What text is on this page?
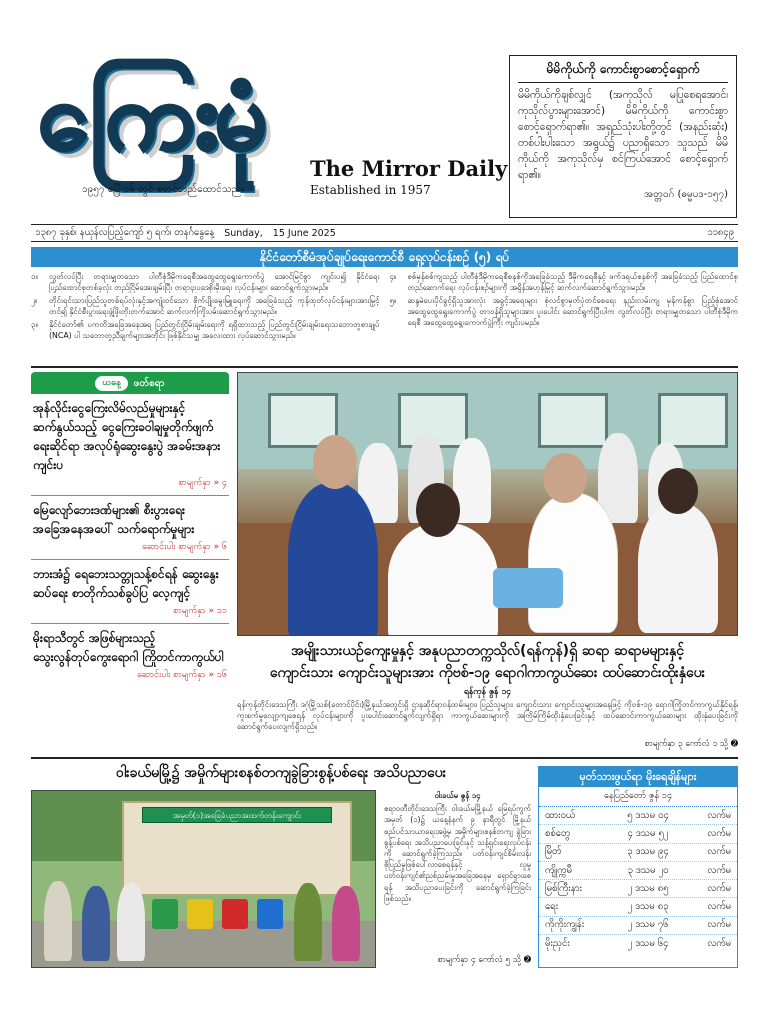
ကြေးမုံ	The Mirror Daily
၁၉၅၇ ဧပြီ ၁၆ တွင် စတင်တည်ထောင်သည်။	Established in 1957
မိမိကိုယ်ကို ကောင်းစွာစောင့်ရှောက်
မိမိကိုယ်ကိုချစ်လျှင် (အကုသိုလ် မပြုစေရအောင်၊ ကုသိုလ်ပွားများအောင်) မိမိကိုယ်ကို ကောင်းစွာ စောင့်ရှောက်ရာ၏။ အရှည်သုံးပါးတို့တွင် (အနည်းဆုံး) တစ်ပါးပါးသော အရွယ်၌ ပညာရှိသော သူသည် မိမိကိုယ်ကို အကုသိုလ်မှ စင်ကြယ်အောင် စောင့်ရှောက်ရာ၏။
အတ္တဝဂ် (ဓမ္မပဒ-၁၅၇)
၁၃၈၇ ခုနှစ်၊ နယုန်လပြည့်ကျော် ၅ ရက်၊ တနင်္ဂနွေနေ့ Sunday, 15 June 2025	၁၁၈၄၉
နိုင်ငံတော်စီမံအုပ်ချုပ်ရေးကောင်စီ ရှေ့လုပ်ငန်းစဉ် (၅) ရပ်
၁။	လွတ်လပ်ပြီး တရားမျှတသော ပါတီစုံဒီမိုကရေစီအထွေထွေရွေးကောက်ပွဲ အောင်မြင်စွာ ကျင်းပ၍ နိုင်ငံရေး ပြည်ထောင်စုတစ်ခုလုံး တည်ငြိမ်အေးချမ်းပြီး တရားဥပဒေစိုးမိုးရေး လုပ်ငန်းများ ဆောင်ရွက်သွားမည်။
၂။	တိုင်းရင်းသားပြည်သူတစ်ရပ်လုံးနှင့်အကျုံးဝင်သော စိုက်ပျိုးမွေးမြူရေးကို အခြေခံသည့် ကုန်ထုတ်လုပ်ငန်းများအားမြှင့်တင်၍ နိုင်ငံစီးပွားရေးဖွံ့ဖြိုးတိုးတက်အောင် ဆက်လက်ကြိုးပမ်းဆောင်ရွက်သွားမည်။
၃။	နိုင်ငံတော်၏ ပကတိအခြေအနေအရ ပြည်တွင်းငြိမ်းချမ်းရေးကို ရရှိထားသည့် ပြည်တွင်းငြိမ်းချမ်းရေးသဘောတူစာချုပ် (NCA) ပါ သဘောတူညီချက်များအတိုင်း ဖြစ်နိုင်သမျှ အလေးထား လုပ်ဆောင်သွားမည်။
၄။	စစ်မှန်စစ်ကျသည့် ပါတီစုံဒီမိုကရေစီစနစ်ကိုအခြေခံသည့် ဒီမိုကရေစီနှင့် ဖက်ဒရယ်စနစ်ကို အခြေခံသည့် ပြည်ထောင်စုတည်ဆောက်ရေး လုပ်ငန်းစဉ်များကို အရှိန်အဟုန်မြှင့် ဆက်လက်ဆောင်ရွက်သွားမည်။
၅။	ဆန္ဒမဲပေးပိုင်ခွင့်ရှိသူအားလုံး အခွင့်အရေးများ စုံလင်စွာမှတ်ပုံတင်စေရေး နည်းလမ်းကျ မှန်ကန်စွာ ပြည့်စုံအောင် အထွေထွေရွေးကောက်ပွဲ တာဝန်ရှိသူများအား ပူးပေါင်း ဆောင်ရွက်ပြီးပါက လွတ်လပ်ပြီး တရားမျှတသော ပါတီစုံဒီမိုကရေစီ အထွေထွေရွေးကောက်ပွဲကြီး ကျင်းပမည်။
ယနေ့	ဖတ်စရာ
အုန်လိုင်းငွေကြေးလိမ်လည်မှုများနှင့် ဆက်နွယ်သည့် ငွေကြေးခဝါချမှုတိုက်ဖျက်ရေးဆိုင်ရာ အလုပ်ရုံဆွေးနွေးပွဲ အခမ်းအနား ကျင်းပ
စာမျက်နှာ » ၄
မြေလျော်ဘေးဒဏ်များ၏ စီးပွားရေး အခြေအနေအပေါ် သက်ရောက်မှုများ
ဆောင်းပါး စာမျက်နှာ » ၆
ဘားအံ၌ ရေဘေးသတ္တုသန့်စင်ရန် ဆွေးနွေးဆပ်ရေး စာတိုက်သစ်ခွပ်ပြ လေ့ကျင့်
စာမျက်နှာ » ၁၁
မိုးရာသီတွင် အဖြစ်များသည့် သွေးလွန်တုပ်ကွေးရောဂါ ကြိုတင်ကာကွယ်ပါ
ဆောင်းပါး စာမျက်နှာ » ၁၆
အမျိုးသားယဉ်ကျေးမှုနှင့် အနုပညာတက္ကသိုလ်(ရန်ကုန်)ရှိ ဆရာ ဆရာမများနှင့်
ကျောင်းသား ကျောင်းသူများအား ကိုဗစ်-၁၉ ရောဂါကာကွယ်ဆေး ထပ်ဆောင်းထိုးနှံပေး
ရန်ကုန် ဇွန် ၁၄
ရန်ကုန်တိုင်းဒေသကြီး ဒဂုံမြို့သစ်(တောင်ပိုင်း)မြို့နယ်အတွင်းရှိ ဌာနဆိုင်ရာဝန်ထမ်းများ၊ ပြည်သူများ၊ ကျောင်းသား ကျောင်းသူများအနေဖြင့် ကိုဗစ်-၁၉ ရောဂါကြိုတင်ကာကွယ်နိုင်ရန်၊ ကူးစက်မှုလျော့ကျစေရန် လုပ်ငန်းများကို ပူးပေါင်းဆောင်ရွက်လျက်ရှိရာ ကာကွယ်ဆေးများကို အကြိမ်ကြိမ်ထိုးနှံပေးခြင်းနှင့် ထပ်ဆောင်းကာကွယ်ဆေးများ ထိုးနှံပေးခြင်းကို ဆောင်ရွက်ပေးလျက်ရှိသည်။
စာမျက်နှာ ၃ ကော်လံ ၁ သို့ ➋
ဝါးခယ်မမြို့၌ အမှိုက်များစနစ်တကျခွဲခြားစွန့်ပစ်ရေး အသိပညာပေး
အမှတ်(၁)အခြေခံပညာအထက်တန်းကျောင်း
ဝါးခယ်မ ဇွန် ၁၄
ဧရာဝတီတိုင်းဒေသကြီး ဝါးခယ်မမြို့နယ် မြေရပ်ကွက်အမှတ် (၁)၌ ယနေ့နံနက် ၉ နာရီတွင် မြို့နယ်စည်ပင်သာယာရေးအဖွဲ့မှ အမှိုက်များစနစ်တကျ ခွဲခြားစွန့်ပစ်ရေး အသိပညာပေးခြင်းနှင့် သန့်ရှင်းရေးလုပ်ငန်းကို ဆောင်ရွက်ခဲ့ကြသည်။ ပတ်ဝန်းကျင်စိမ်းလန်းစိုပြည်မှုဖြစ်ပေါ်လာစေရန်နှင့် လူမှုပတ်ဝန်းကျင်၏ညစ်ညမ်းမှုအခြေအနေမှ ရှောင်ရှားစေရန် အသိပညာပေးခြင်းကို ဆောင်ရွက်ခဲ့ကြခြင်းဖြစ်သည်။
စာမျက်နှာ ၄ ကော်လံ ၅ သို့ ➋
မှတ်သားဖွယ်ရာ မိုးရေချိန်များ
နေပြည်တော် ဇွန် ၁၄
ထားဝယ်	၅ ဒသမ ၀၄	လက်မ
စစ်တွေ	၄ ဒသမ ၅၂	လက်မ
မြိတ်	၃ ဒသမ ၉၄	လက်မ
ကျိုက္ကမီ	၃ ဒသမ ၂၀	လက်မ
မြစ်ကြီးနား	၂ ဒသမ ၈၅	လက်မ
ရေး	၂ ဒသမ ၈၃	လက်မ
ကိုကိုးကျွန်း	၂ ဒသမ ၇၆	လက်မ
မိုးညှင်း	၂ ဒသမ ၆၄	လက်မ
